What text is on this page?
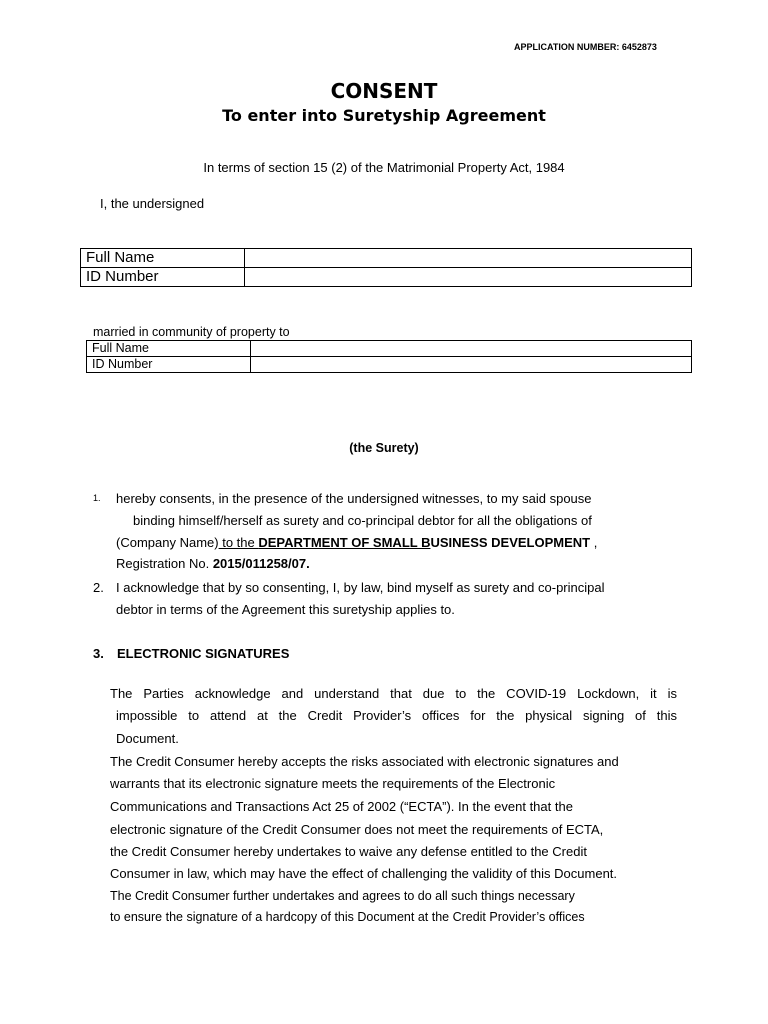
APPLICATION NUMBER: 6452873
CONSENT
To enter into Suretyship Agreement
In terms of section 15 (2) of the Matrimonial Property Act, 1984
I, the undersigned
Full Name	
ID Number	
married in community of property to
Full Name	
ID Number	
(the Surety)
1. hereby consents, in the presence of the undersigned witnesses, to my said spouse
binding himself/herself as surety and co-principal debtor for all the obligations of
(Company Name) to the DEPARTMENT OF SMALL BUSINESS DEVELOPMENT ,
Registration No. 2015/011258/07.
2. I acknowledge that by so consenting, I, by law, bind myself as surety and co-principal
debtor in terms of the Agreement this suretyship applies to.
3. ELECTRONIC SIGNATURES
The Parties acknowledge and understand that due to the COVID-19 Lockdown, it is
impossible to attend at the Credit Provider’s offices for the physical signing of this
Document.
The Credit Consumer hereby accepts the risks associated with electronic signatures and
warrants that its electronic signature meets the requirements of the Electronic
Communications and Transactions Act 25 of 2002 (“ECTA”). In the event that the
electronic signature of the Credit Consumer does not meet the requirements of ECTA,
the Credit Consumer hereby undertakes to waive any defense entitled to the Credit
Consumer in law, which may have the effect of challenging the validity of this Document.
The Credit Consumer further undertakes and agrees to do all such things necessary
to ensure the signature of a hardcopy of this Document at the Credit Provider’s offices
